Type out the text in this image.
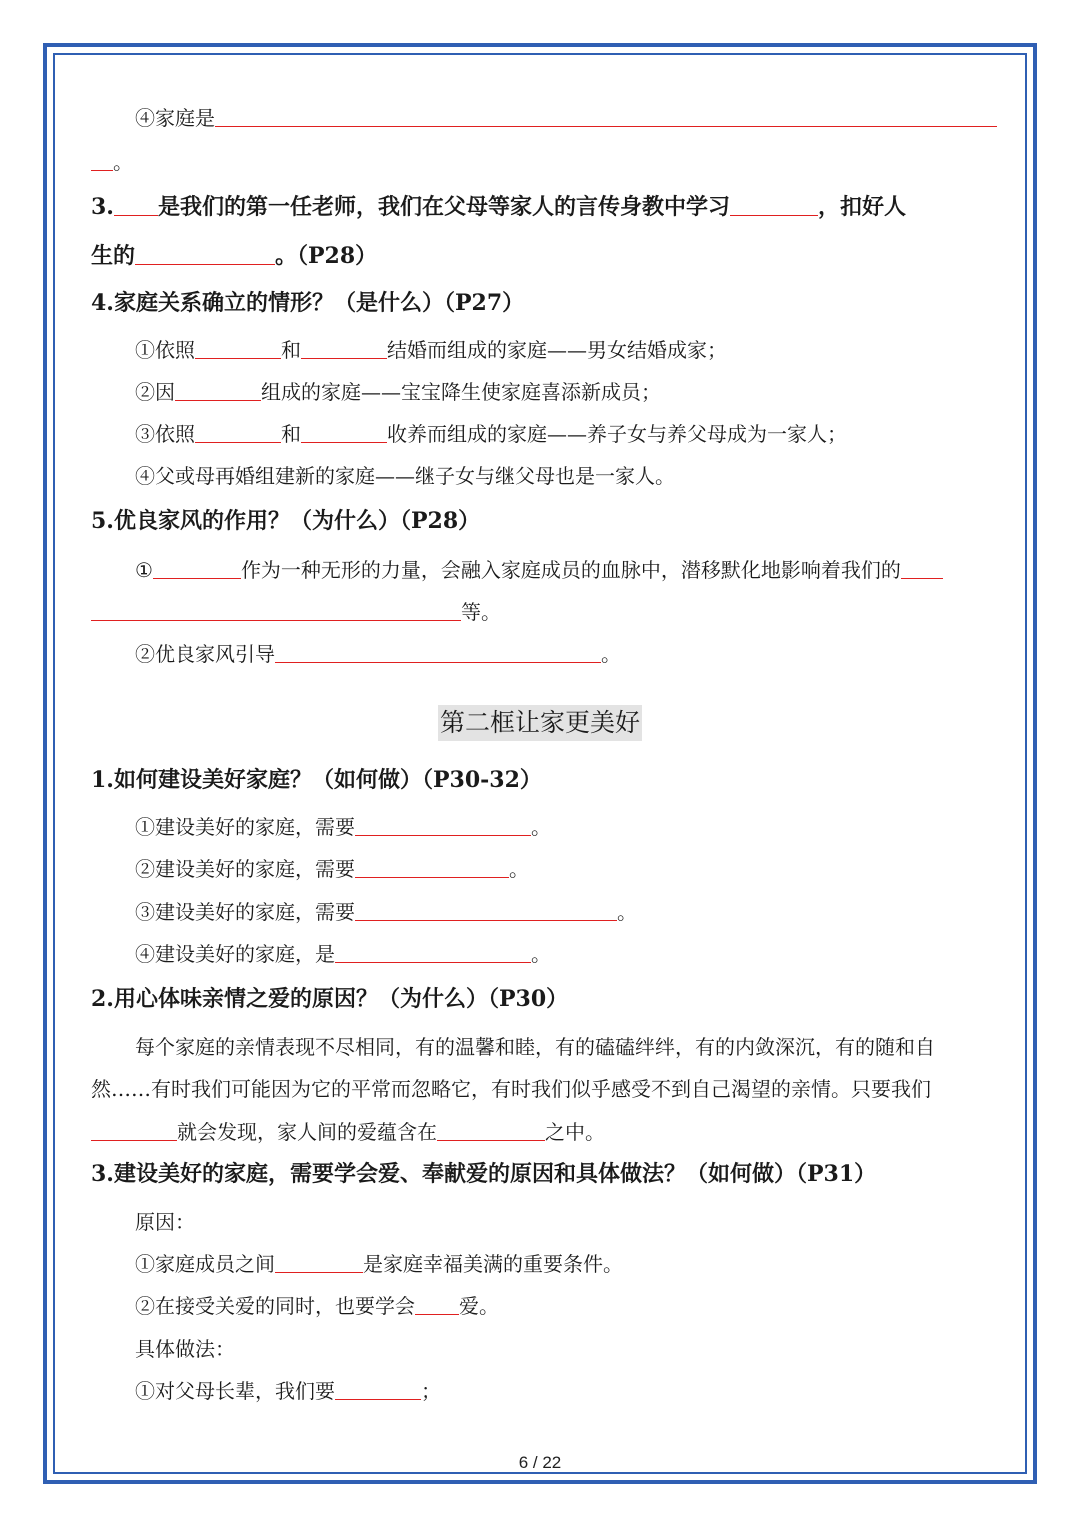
④家庭是
。
3. 是我们的第一任老师，我们在父母等家人的言传身教中学习	，扣好人
生的	。（P28）
4.家庭关系确立的情形？（是什么）（P27）
①依照	和	结婚而组成的家庭——男女结婚成家；
②因	组成的家庭——宝宝降生使家庭喜添新成员；
③依照	和	收养而组成的家庭——养子女与养父母成为一家人；
④父或母再婚组建新的家庭——继子女与继父母也是一家人。
5.优良家风的作用？（为什么）（P28）
①	作为一种无形的力量，会融入家庭成员的血脉中，潜移默化地影响着我们的
等。
②优良家风引导	。
第二框让家更美好
1.如何建设美好家庭？（如何做）（P30-32）
①建设美好的家庭，需要	。
②建设美好的家庭，需要	。
③建设美好的家庭，需要	。
④建设美好的家庭，是	。
2.用心体味亲情之爱的原因？（为什么）（P30）
每个家庭的亲情表现不尽相同，有的温馨和睦，有的磕磕绊绊，有的内敛深沉，有的随和自
然……有时我们可能因为它的平常而忽略它，有时我们似乎感受不到自己渴望的亲情。只要我们
就会发现，家人间的爱蕴含在	之中。
3.建设美好的家庭，需要学会爱、奉献爱的原因和具体做法？（如何做）（P31）
原因：
①家庭成员之间	是家庭幸福美满的重要条件。
②在接受关爱的同时，也要学会 爱。
具体做法：
①对父母长辈，我们要	；
6 / 22
